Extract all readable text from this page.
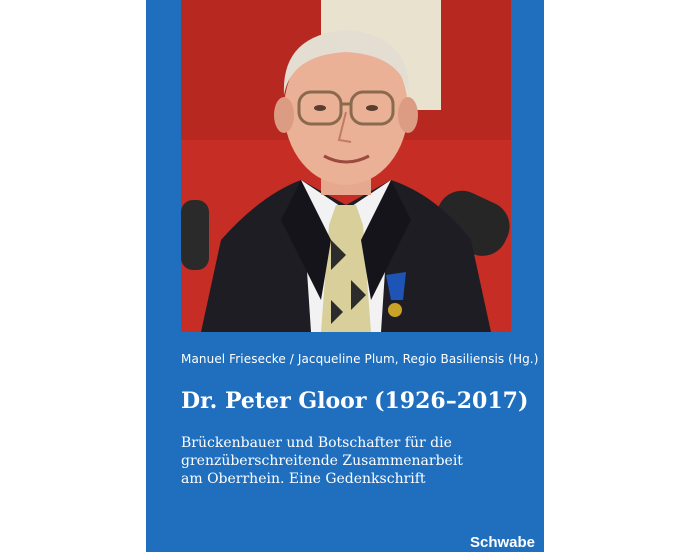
Manuel Friesecke / Jacqueline Plum, Regio Basiliensis (Hg.)
Dr. Peter Gloor (1926–2017)
Brückenbauer und Botschafter für die
grenzüberschreitende Zusammenarbeit
am Oberrhein. Eine Gedenkschrift
Schwabe
